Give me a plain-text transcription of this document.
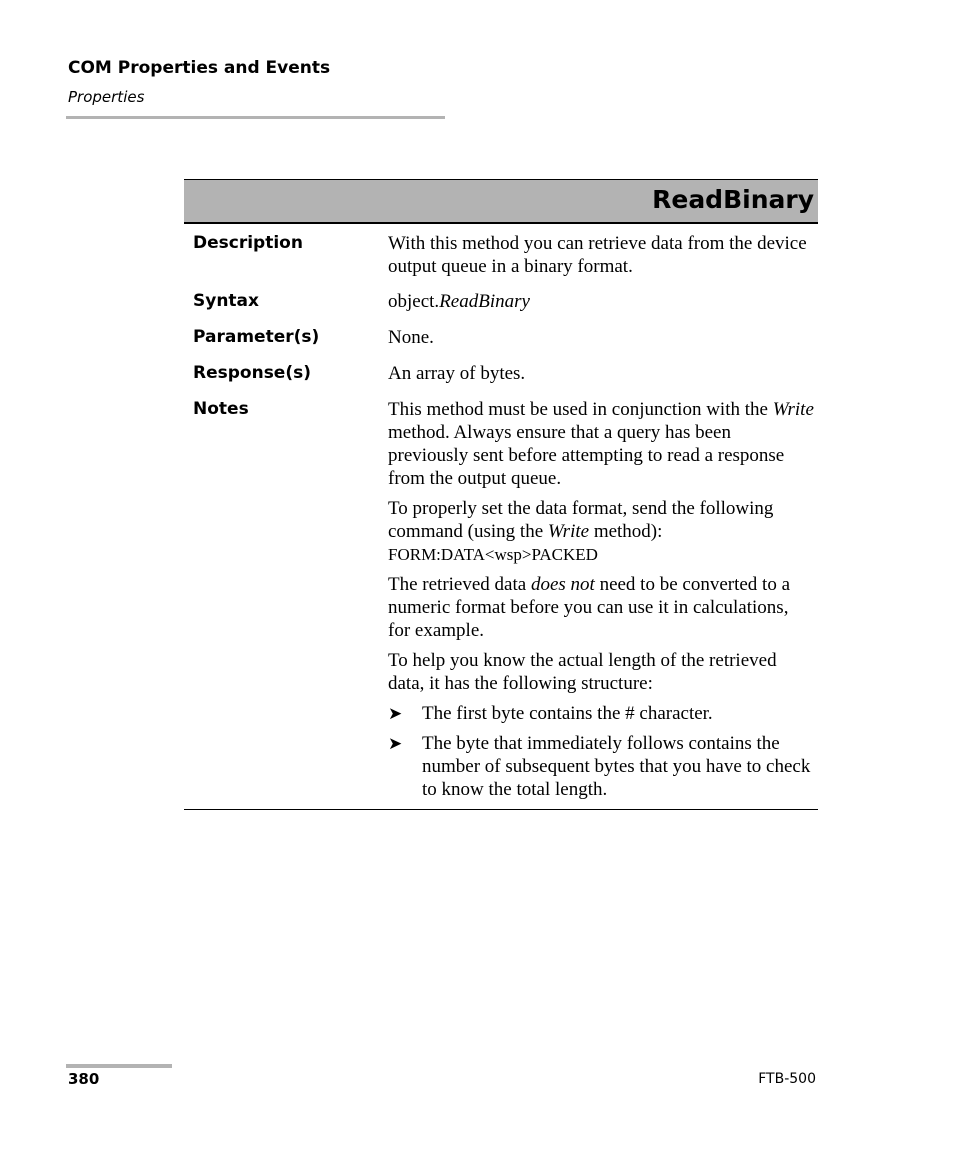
COM Properties and Events
Properties
ReadBinary
Description	With this method you can retrieve data from the device output queue in a binary format.
Syntax	object.ReadBinary
Parameter(s)	None.
Response(s)	An array of bytes.
Notes	This method must be used in conjunction with the Write method. Always ensure that a query has been previously sent before attempting to read a response from the output queue.

To properly set the data format, send the following command (using the Write method):
FORM:DATA<wsp>PACKED

The retrieved data does not need to be converted to a numeric format before you can use it in calculations, for example.

To help you know the actual length of the retrieved data, it has the following structure:

➤	The first byte contains the # character.
➤	The byte that immediately follows contains the number of subsequent bytes that you have to check to know the total length.
380	FTB-500
